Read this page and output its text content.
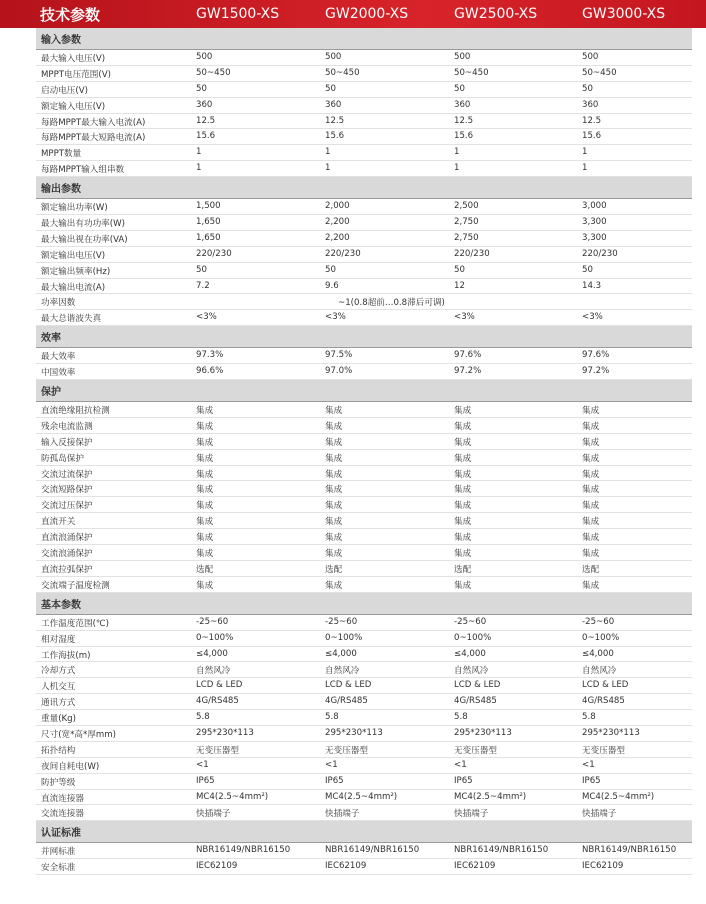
技术参数	GW1500-XS	GW2000-XS	GW2500-XS	GW3000-XS
输入参数
最大输入电压(V)	500	500	500	500
MPPT电压范围(V)	50~450	50~450	50~450	50~450
启动电压(V)	50	50	50	50
额定输入电压(V)	360	360	360	360
每路MPPT最大输入电流(A)	12.5	12.5	12.5	12.5
每路MPPT最大短路电流(A)	15.6	15.6	15.6	15.6
MPPT数量	1	1	1	1
每路MPPT输入组串数	1	1	1	1
输出参数
额定输出功率(W)	1,500	2,000	2,500	3,000
最大输出有功功率(W)	1,650	2,200	2,750	3,300
最大输出视在功率(VA)	1,650	2,200	2,750	3,300
额定输出电压(V)	220/230	220/230	220/230	220/230
额定输出频率(Hz)	50	50	50	50
最大输出电流(A)	7.2	9.6	12	14.3
功率因数	~1(0.8超前…0.8滞后可调)
最大总谐波失真	<3%	<3%	<3%	<3%
效率
最大效率	97.3%	97.5%	97.6%	97.6%
中国效率	96.6%	97.0%	97.2%	97.2%
保护
直流绝缘阻抗检测	集成	集成	集成	集成
残余电流监测	集成	集成	集成	集成
输入反接保护	集成	集成	集成	集成
防孤岛保护	集成	集成	集成	集成
交流过流保护	集成	集成	集成	集成
交流短路保护	集成	集成	集成	集成
交流过压保护	集成	集成	集成	集成
直流开关	集成	集成	集成	集成
直流浪涌保护	集成	集成	集成	集成
交流浪涌保护	集成	集成	集成	集成
直流拉弧保护	选配	选配	选配	选配
交流端子温度检测	集成	集成	集成	集成
基本参数
工作温度范围(℃)	-25~60	-25~60	-25~60	-25~60
相对湿度	0~100%	0~100%	0~100%	0~100%
工作海拔(m)	≤4,000	≤4,000	≤4,000	≤4,000
冷却方式	自然风冷	自然风冷	自然风冷	自然风冷
人机交互	LCD & LED	LCD & LED	LCD & LED	LCD & LED
通讯方式	4G/RS485	4G/RS485	4G/RS485	4G/RS485
重量(Kg)	5.8	5.8	5.8	5.8
尺寸(宽*高*厚mm)	295*230*113	295*230*113	295*230*113	295*230*113
拓扑结构	无变压器型	无变压器型	无变压器型	无变压器型
夜间自耗电(W)	<1	<1	<1	<1
防护等级	IP65	IP65	IP65	IP65
直流连接器	MC4(2.5~4mm²)	MC4(2.5~4mm²)	MC4(2.5~4mm²)	MC4(2.5~4mm²)
交流连接器	快插端子	快插端子	快插端子	快插端子
认证标准
并网标准	NBR16149/NBR16150	NBR16149/NBR16150	NBR16149/NBR16150	NBR16149/NBR16150
安全标准	IEC62109	IEC62109	IEC62109	IEC62109
